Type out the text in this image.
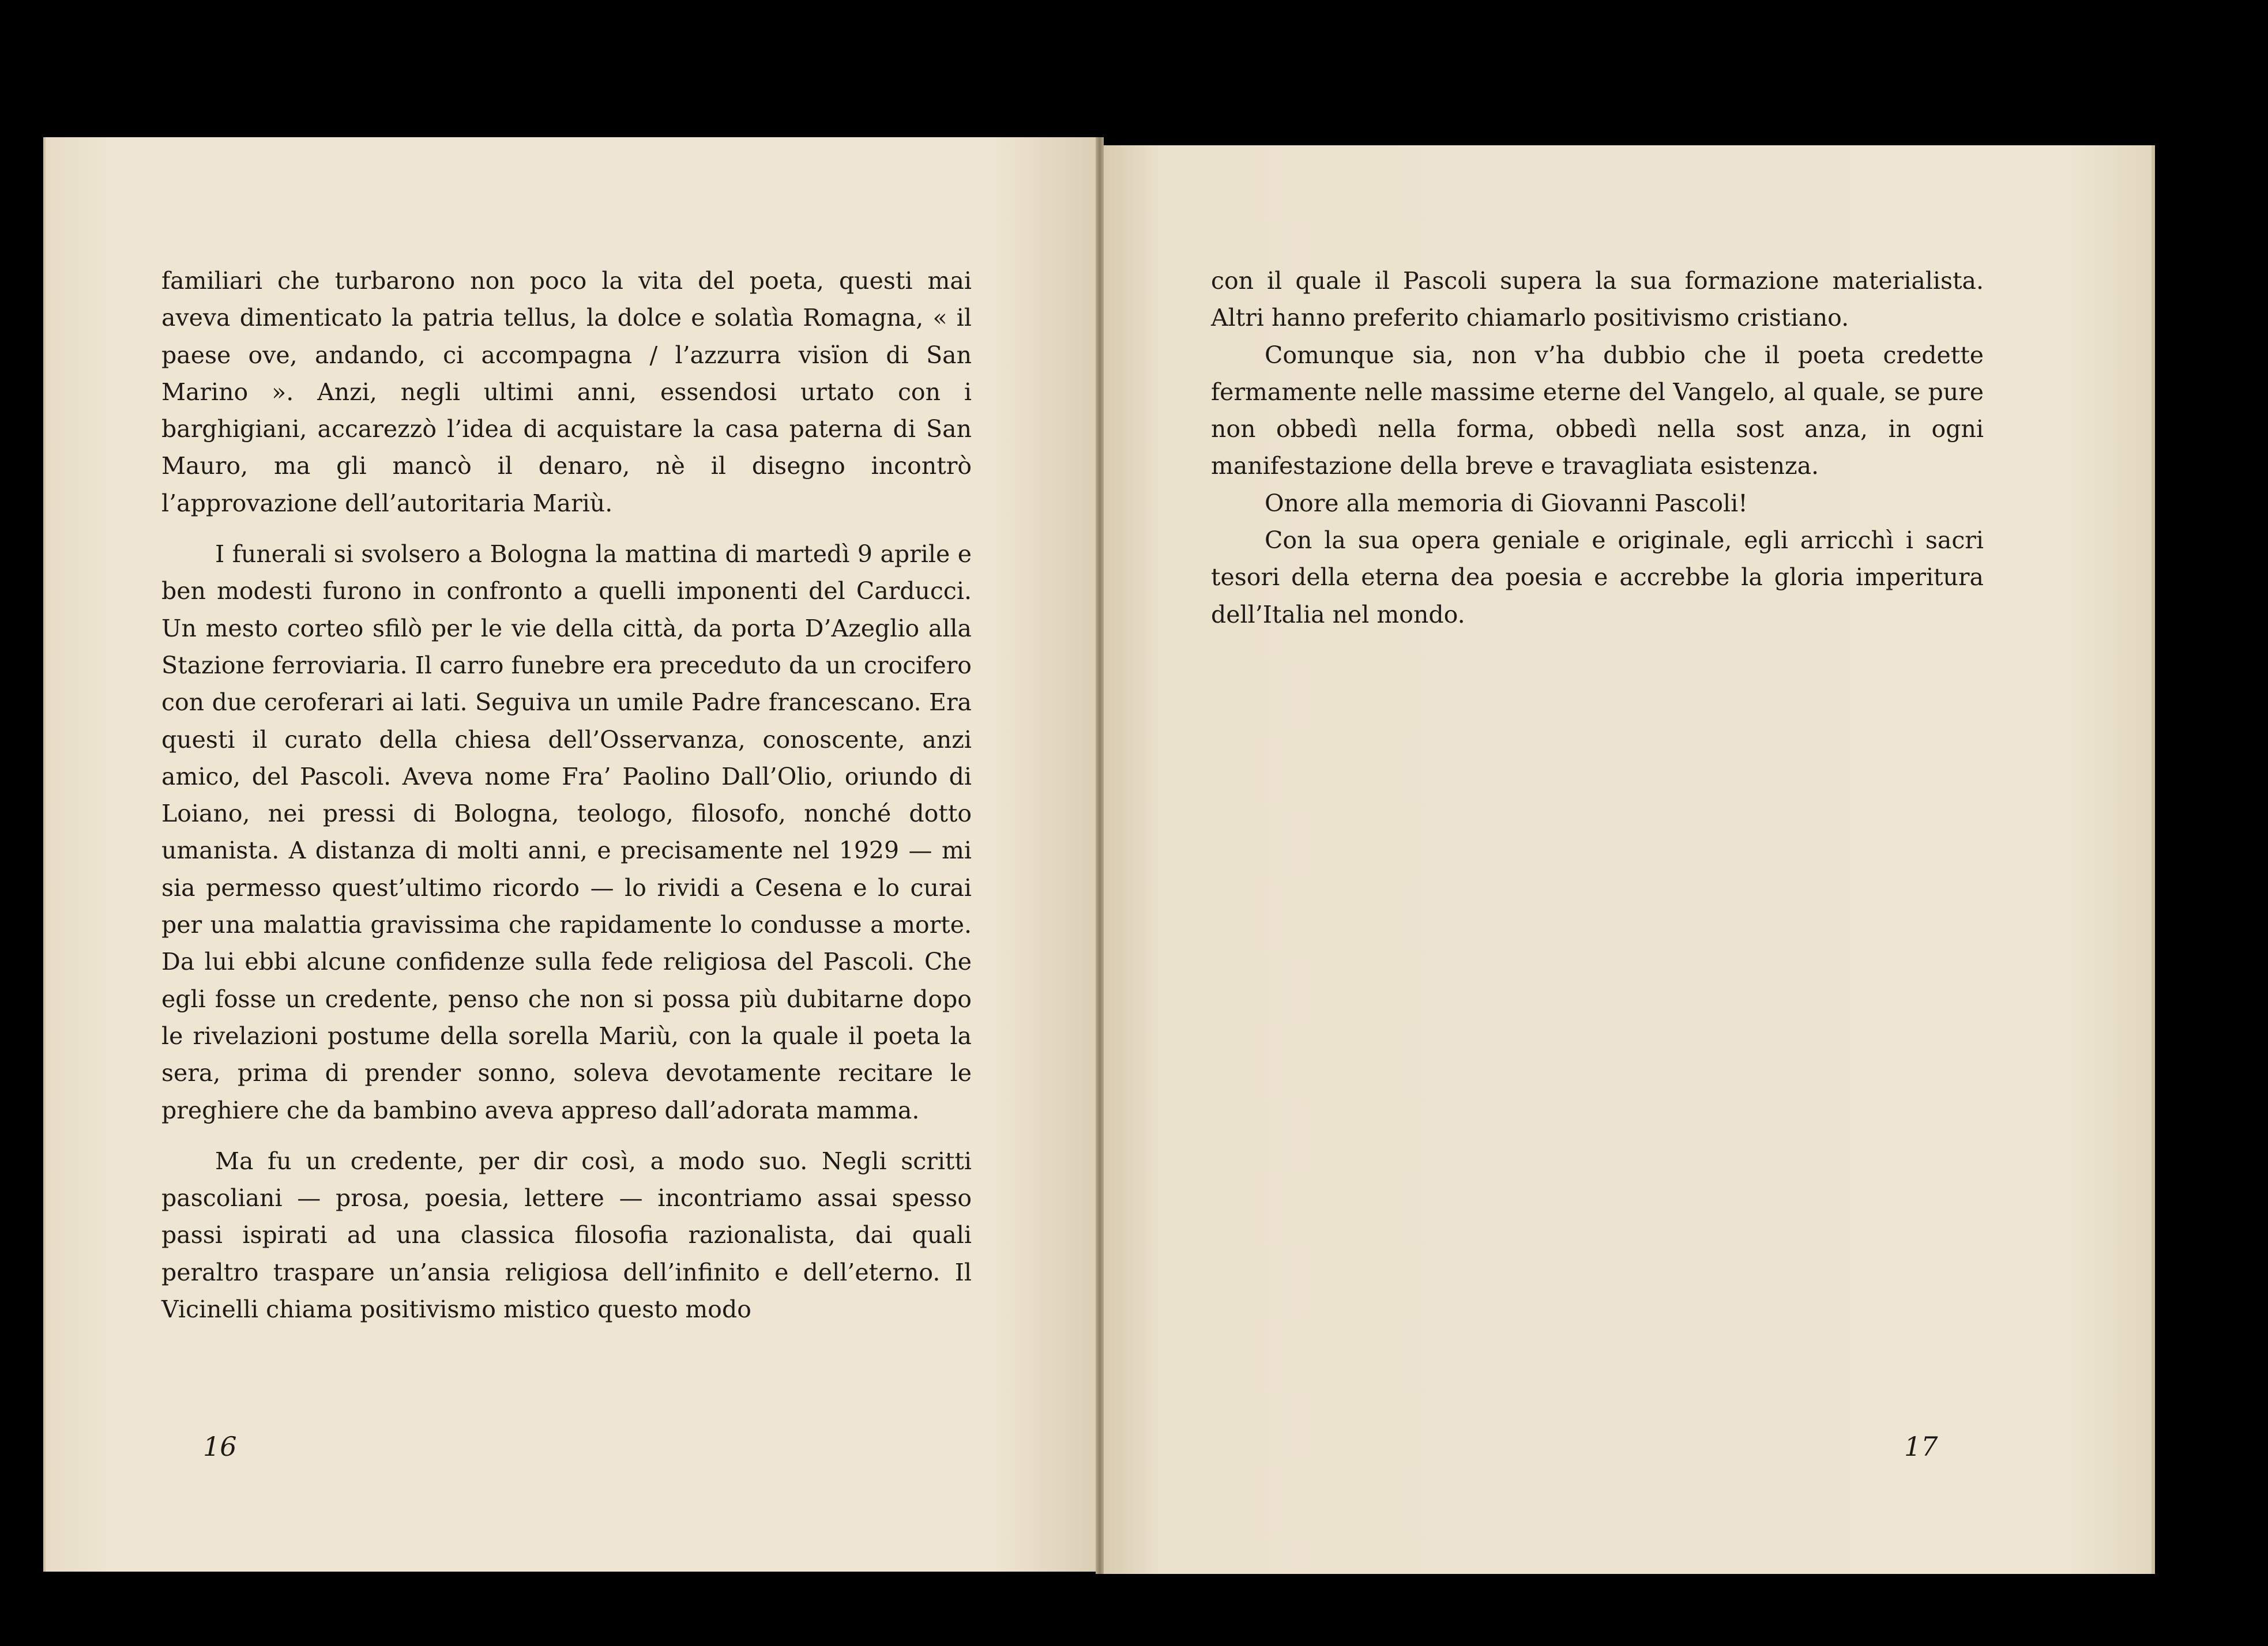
familiari che turbarono non poco la vita del poeta, questi mai aveva dimenticato la patria tellus, la dolce e solatìa Romagna, « il paese ove, andando, ci accompagna / l’azzurra visïon di San Marino ». Anzi, negli ultimi anni, essendosi urtato con i barghigiani, accarezzò l’idea di acquistare la casa paterna di San Mauro, ma gli mancò il denaro, nè il disegno incontrò l’approvazione dell’autoritaria Mariù.

I funerali si svolsero a Bologna la mattina di martedì 9 aprile e ben modesti furono in confronto a quelli imponenti del Carducci. Un mesto corteo sfilò per le vie della città, da porta D’Azeglio alla Stazione ferroviaria. Il carro funebre era preceduto da un crocifero con due ceroferari ai lati. Seguiva un umile Padre francescano. Era questi il curato della chiesa dell’Osservanza, conoscente, anzi amico, del Pascoli. Aveva nome Fra’ Paolino Dall’Olio, oriundo di Loiano, nei pressi di Bologna, teologo, filosofo, nonché dotto umanista. A distanza di molti anni, e precisamente nel 1929 — mi sia permesso quest’ultimo ricordo — lo rividi a Cesena e lo curai per una malattia gravissima che rapidamente lo condusse a morte. Da lui ebbi alcune confidenze sulla fede religiosa del Pascoli. Che egli fosse un credente, penso che non si possa più dubitarne dopo le rivelazioni postume della sorella Mariù, con la quale il poeta la sera, prima di prender sonno, soleva devotamente recitare le preghiere che da bambino aveva appreso dall’adorata mamma.

Ma fu un credente, per dir così, a modo suo. Negli scritti pascoliani — prosa, poesia, lettere — incontriamo assai spesso passi ispirati ad una classica filosofia razionalista, dai quali peraltro traspare un’ansia religiosa dell’infinito e dell’eterno. Il Vicinelli chiama positivismo mistico questo modo

con il quale il Pascoli supera la sua formazione materialista. Altri hanno preferito chiamarlo positivismo cristiano.

Comunque sia, non v’ha dubbio che il poeta credette fermamente nelle massime eterne del Vangelo, al quale, se pure non obbedì nella forma, obbedì nella sost anza, in ogni manifestazione della breve e travagliata esistenza.

Onore alla memoria di Giovanni Pascoli!

Con la sua opera geniale e originale, egli arricchì i sacri tesori della eterna dea poesia e accrebbe la gloria imperitura dell’Italia nel mondo.

16	17
